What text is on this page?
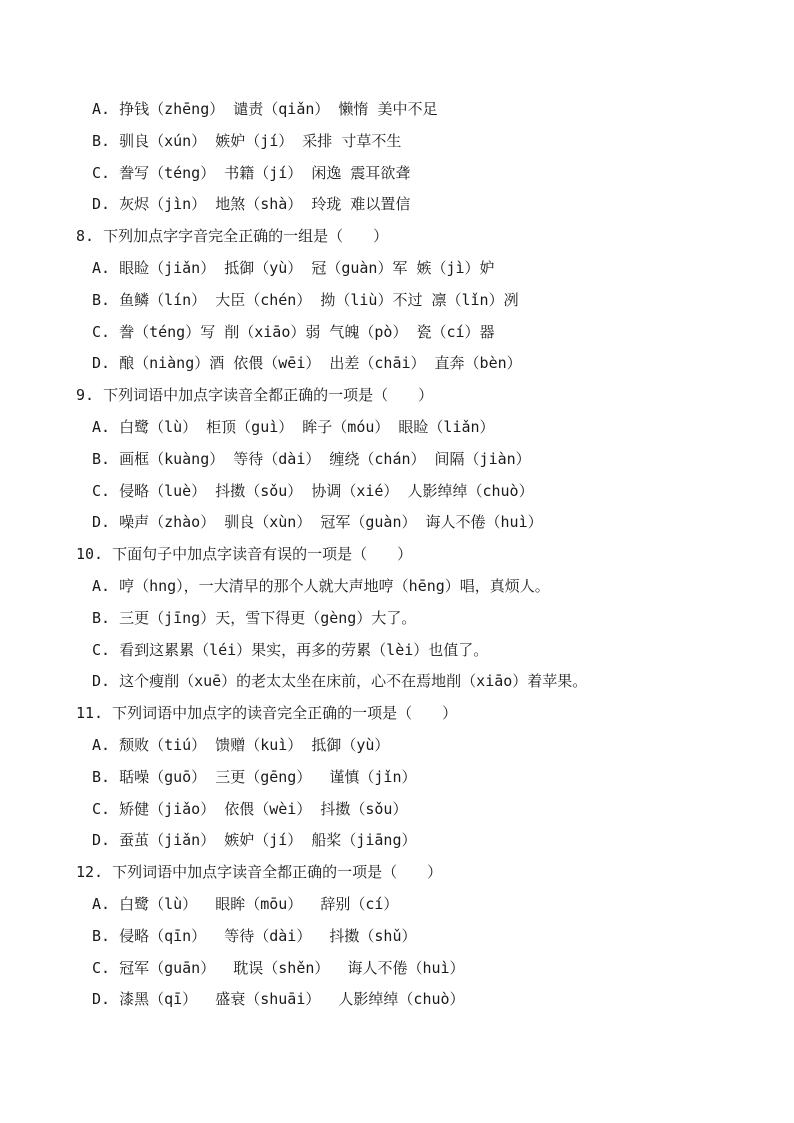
A. 挣钱（zhēng） 谴责（qiǎn） 懒惰 美中不足
B. 驯良（xún） 嫉妒（jí） 采排 寸草不生
C. 誊写（téng） 书籍（jí） 闲逸 震耳欲聋
D. 灰烬（jìn） 地煞（shà） 玲珑 难以置信
8. 下列加点字字音完全正确的一组是（　　）
A. 眼睑（jiǎn） 抵御（yù） 冠（guàn）军 嫉（jì）妒
B. 鱼鳞（lín） 大臣（chén） 拗（liù）不过 凛（lǐn）冽
C. 誊（téng）写 削（xiāo）弱 气魄（pò） 瓷（cí）器
D. 酿（niàng）酒 依偎（wēi） 出差（chāi） 直奔（bèn）
9. 下列词语中加点字读音全都正确的一项是（　　）
A. 白鹭（lù） 柜顶（guì） 眸子（móu） 眼睑（liǎn）
B. 画框（kuàng） 等待（dài） 缠绕（chán） 间隔（jiàn）
C. 侵略（luè） 抖擞（sǒu） 协调（xié） 人影绰绰（chuò）
D. 噪声（zhào） 驯良（xùn） 冠军（guàn） 诲人不倦（huì）
10. 下面句子中加点字读音有误的一项是（　　）
A. 哼（hng），一大清早的那个人就大声地哼（hēng）唱，真烦人。
B. 三更（jīng）天，雪下得更（gèng）大了。
C. 看到这累累（léi）果实，再多的劳累（lèi）也值了。
D. 这个瘦削（xuē）的老太太坐在床前，心不在焉地削（xiāo）着苹果。
11. 下列词语中加点字的读音完全正确的一项是（　　）
A. 颓败（tiú） 馈赠（kuì） 抵御（yù）
B. 聒噪（guō） 三更（gēng）  谨慎（jǐn）
C. 矫健（jiǎo） 依偎（wèi） 抖擞（sǒu）
D. 蚕茧（jiǎn） 嫉妒（jí） 船桨（jiāng）
12. 下列词语中加点字读音全都正确的一项是（　　）
A. 白鹭（lù）  眼眸（mōu）  辞别（cí）
B. 侵略（qīn）  等待（dài）  抖擞（shǔ）
C. 冠军（guān）  耽误（shěn）  诲人不倦（huì）
D. 漆黑（qī）  盛衰（shuāi）  人影绰绰（chuò）
